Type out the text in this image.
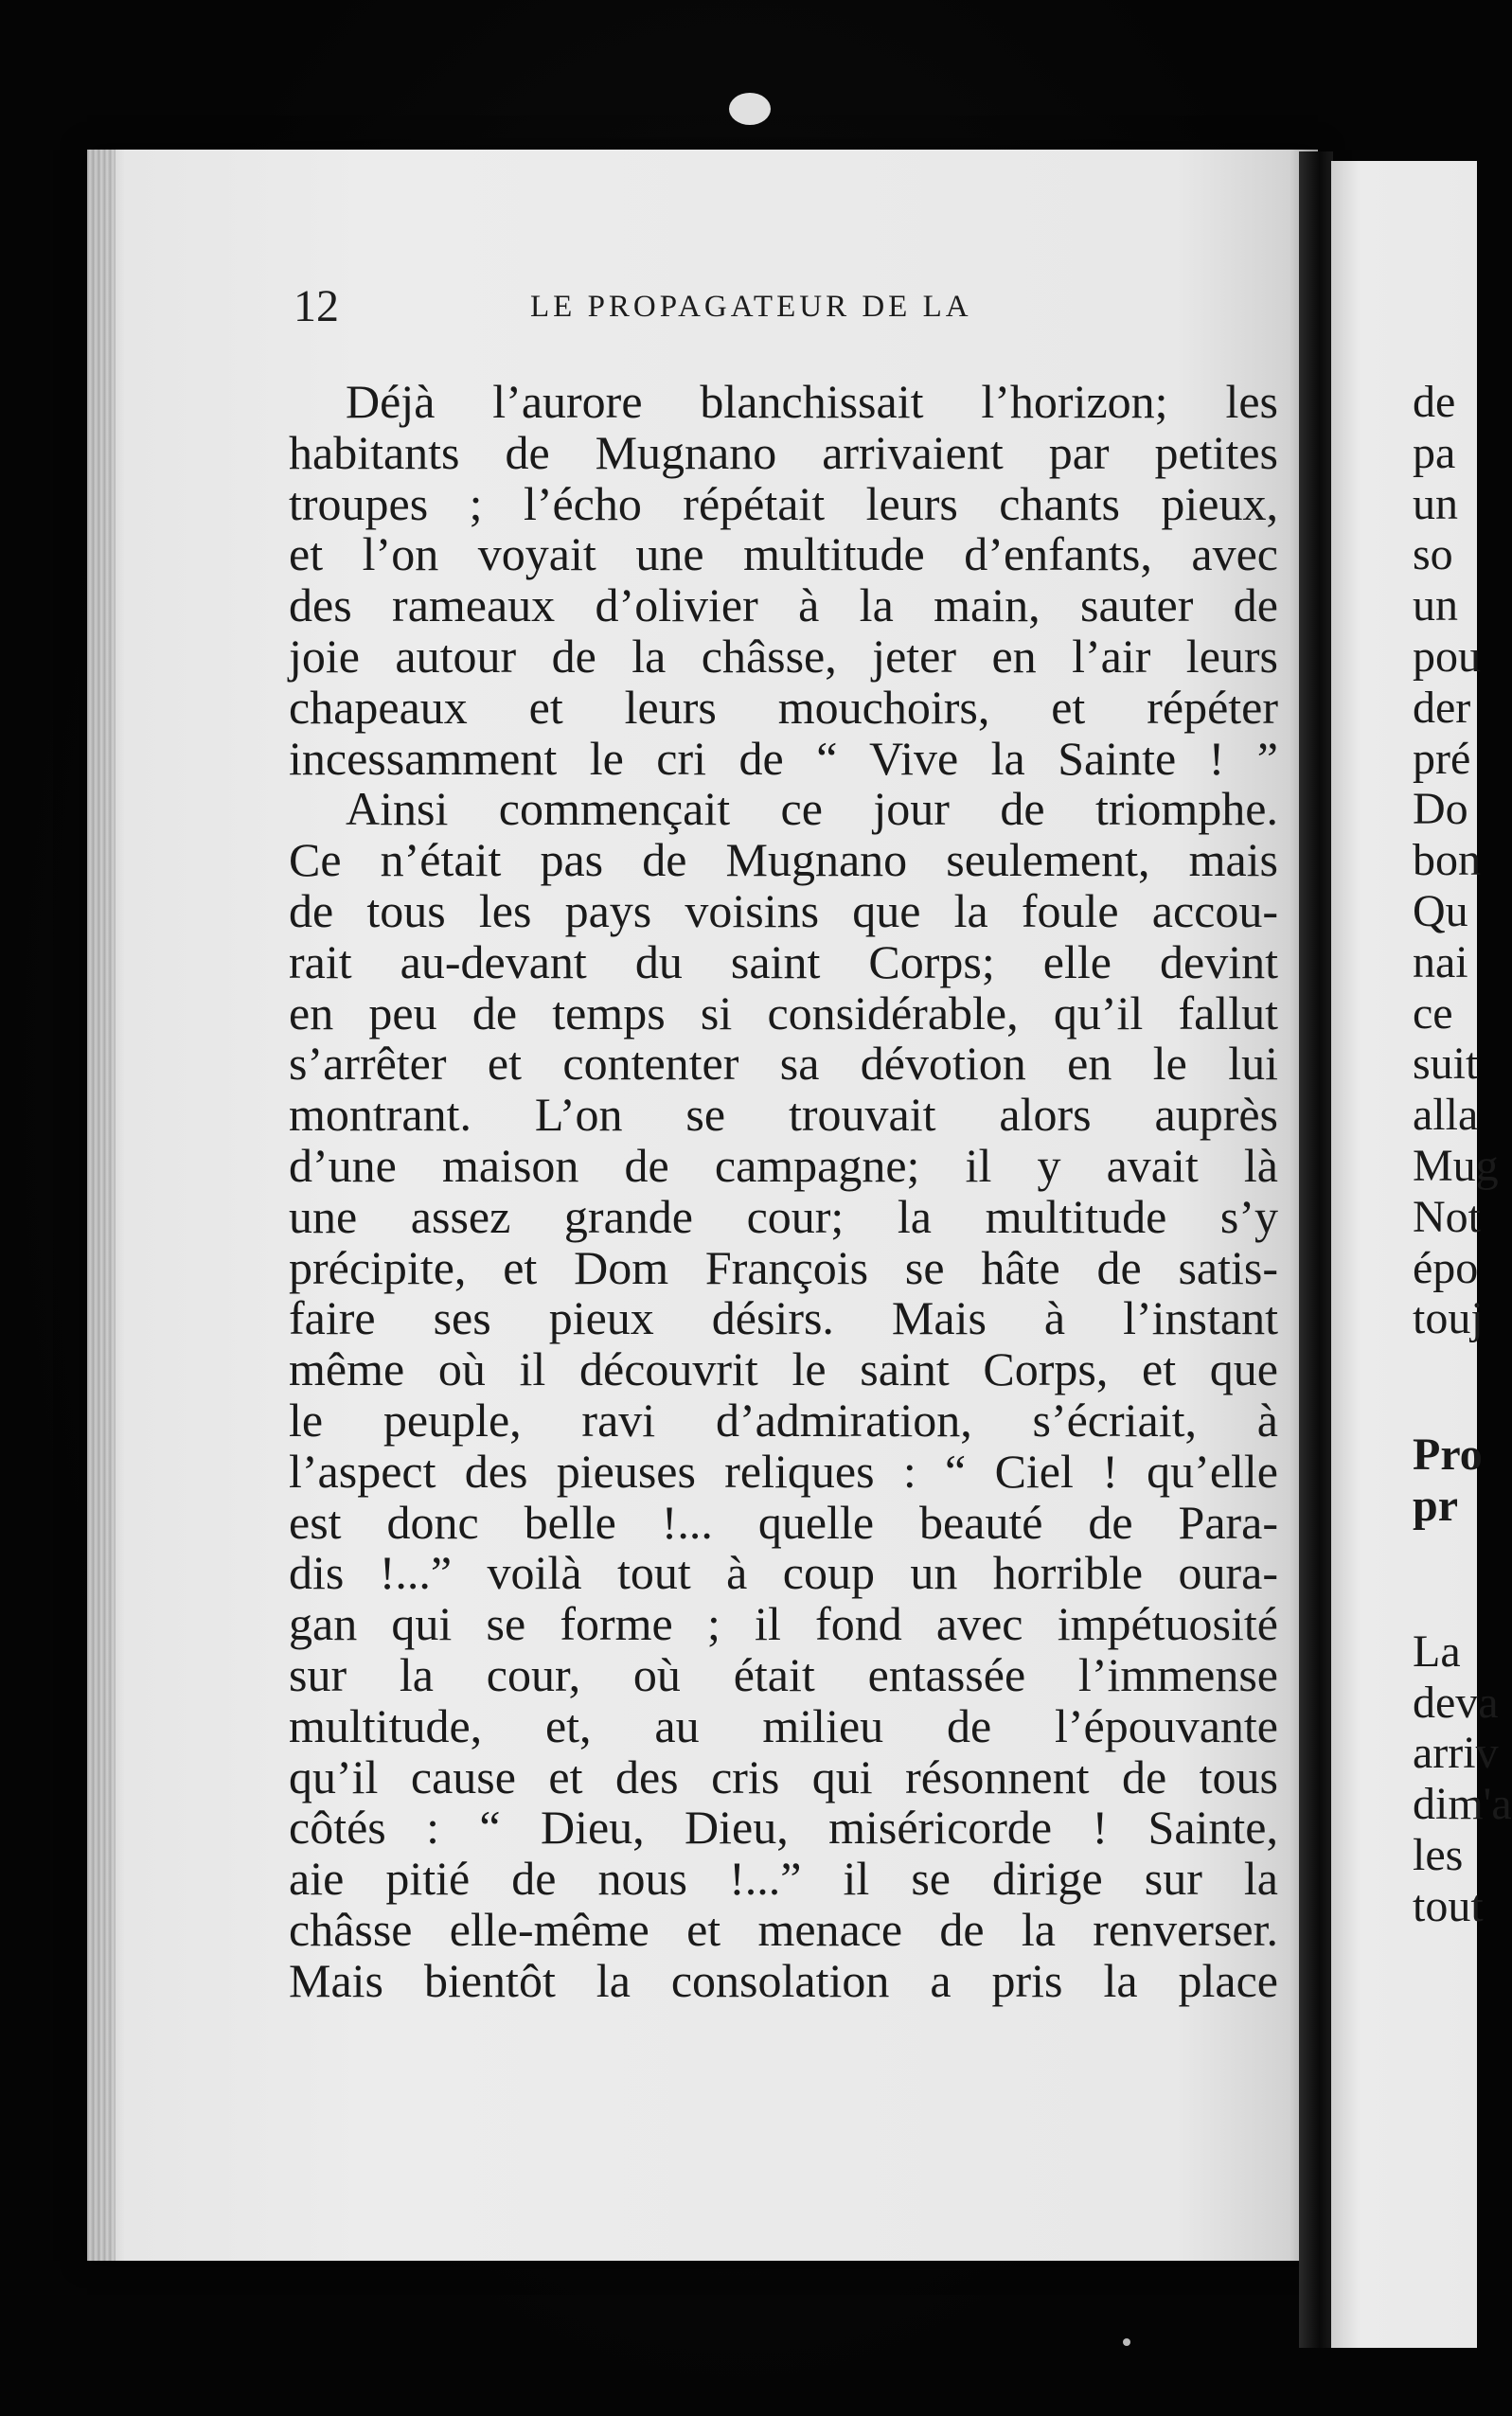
12	LE PROPAGATEUR DE LA
Déjà l’aurore blanchissait l’horizon; les
habitants de Mugnano arrivaient par petites
troupes ; l’écho répétait leurs chants pieux,
et l’on voyait une multitude d’enfants, avec
des rameaux d’olivier à la main, sauter de
joie autour de la châsse, jeter en l’air leurs
chapeaux et leurs mouchoirs, et répéter
incessamment le cri de “ Vive la Sainte ! ”
Ainsi commençait ce jour de triomphe.
Ce n’était pas de Mugnano seulement, mais
de tous les pays voisins que la foule accou-
rait au-devant du saint Corps; elle devint
en peu de temps si considérable, qu’il fallut
s’arrêter et contenter sa dévotion en le lui
montrant. L’on se trouvait alors auprès
d’une maison de campagne; il y avait là
une assez grande cour; la multitude s’y
précipite, et Dom François se hâte de satis-
faire ses pieux désirs. Mais à l’instant
même où il découvrit le saint Corps, et que
le peuple, ravi d’admiration, s’écriait, à
l’aspect des pieuses reliques : “ Ciel ! qu’elle
est donc belle !... quelle beauté de Para-
dis !...” voilà tout à coup un horrible oura-
gan qui se forme ; il fond avec impétuosité
sur la cour, où était entassée l’immense
multitude, et, au milieu de l’épouvante
qu’il cause et des cris qui résonnent de tous
côtés : “ Dieu, Dieu, miséricorde ! Sainte,
aie pitié de nous !...” il se dirige sur la
châsse elle-même et menace de la renverser.
Mais bientôt la consolation a pris la place
de
pa
un
so
un
pou
der
pré
Do
bon
Qu
nai
ce
suit
alla
Mug
Not
épo
touj
Pro
pr
La
deva
arriv
dim'a
les
tout
